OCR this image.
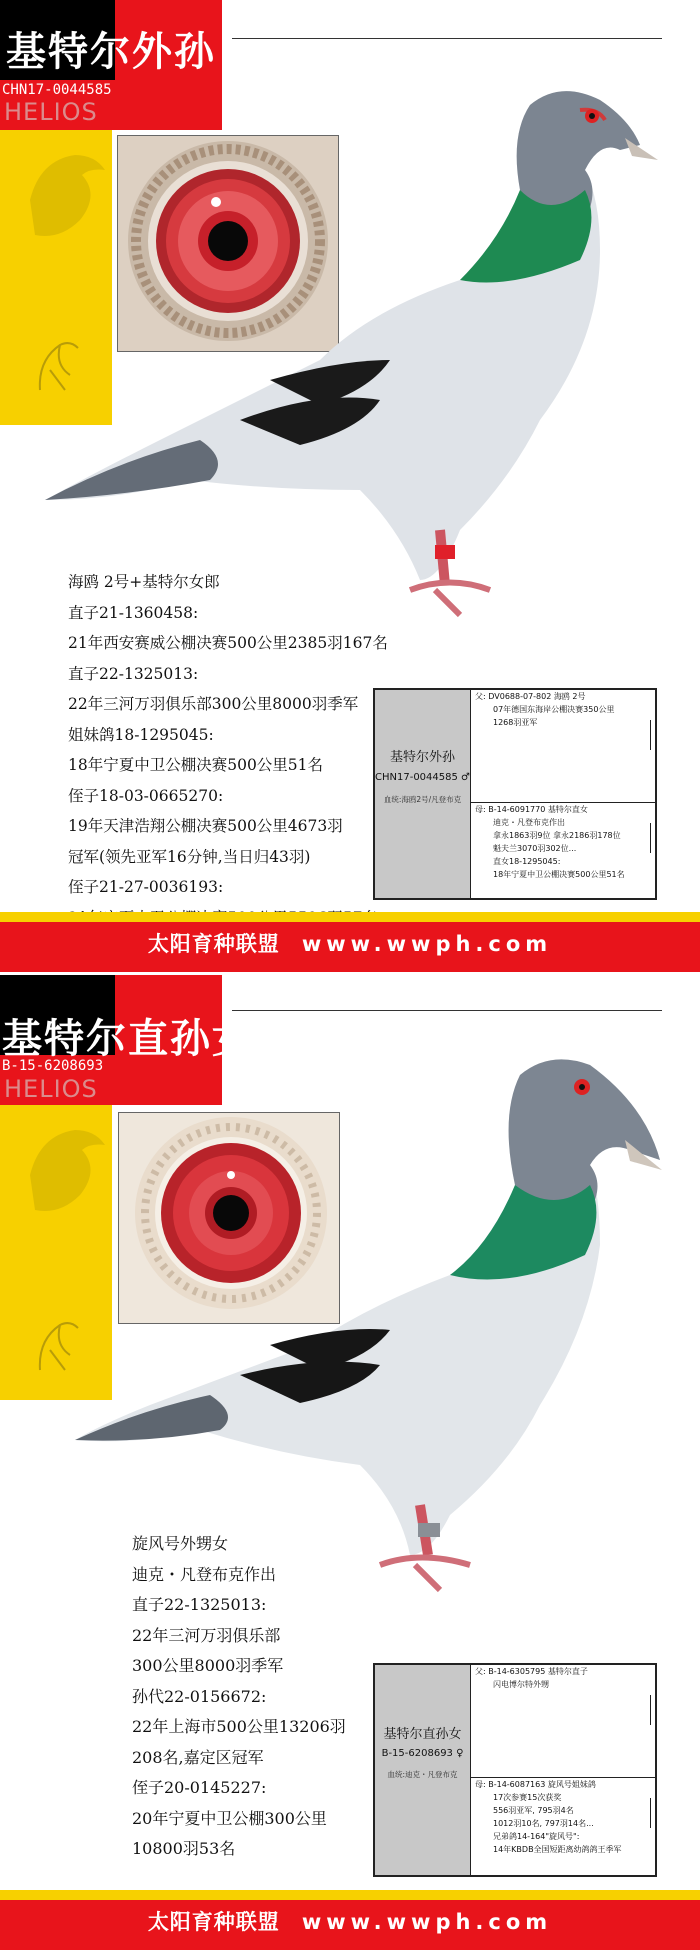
基特尔外孙
CHN17-0044585
HELIOS
海鸥 2号+基特尔女郎
直子21-1360458:
21年西安赛威公棚决赛500公里2385羽167名
直子22-1325013:
22年三河万羽俱乐部300公里8000羽季军
姐妹鸽18-1295045:
18年宁夏中卫公棚决赛500公里51名
侄子18-03-0665270:
19年天津浩翔公棚决赛500公里4673羽
冠军(领先亚军16分钟,当日归43羽)
侄子21-27-0036193:
基特尔外孙
CHN17-0044585 ♂
血统:海鸥2号/凡登布克
父: DV0688-07-802 海鸥 2号
07年德国东海岸公棚决赛350公里
1268羽亚军
母: B-14-6091770 基特尔直女
迪克・凡登布克作出
拿永1863羽9位 拿永2186羽178位
魁夫兰3070羽302位...
直女18-1295045:
18年宁夏中卫公棚决赛500公里51名
太阳育种联盟 www.wwph.com
基特尔直孙女
B-15-6208693
HELIOS
旋风号外甥女
迪克・凡登布克作出
直子22-1325013:
22年三河万羽俱乐部
300公里8000羽季军
孙代22-0156672:
22年上海市500公里13206羽
208名,嘉定区冠军
侄子20-0145227:
20年宁夏中卫公棚300公里
10800羽53名
基特尔直孙女
B-15-6208693 ♀
血统:迪克・凡登布克
父: B-14-6305795 基特尔直子
闪电博尔特外甥
母: B-14-6087163 旋风号姐妹鸽
17次参赛15次获奖
556羽亚军, 795羽4名
1012羽10名, 797羽14名...
兄弟鸽14-164"旋风号":
14年KBDB全国短距离幼鸽鸽王季军
太阳育种联盟 www.wwph.com
